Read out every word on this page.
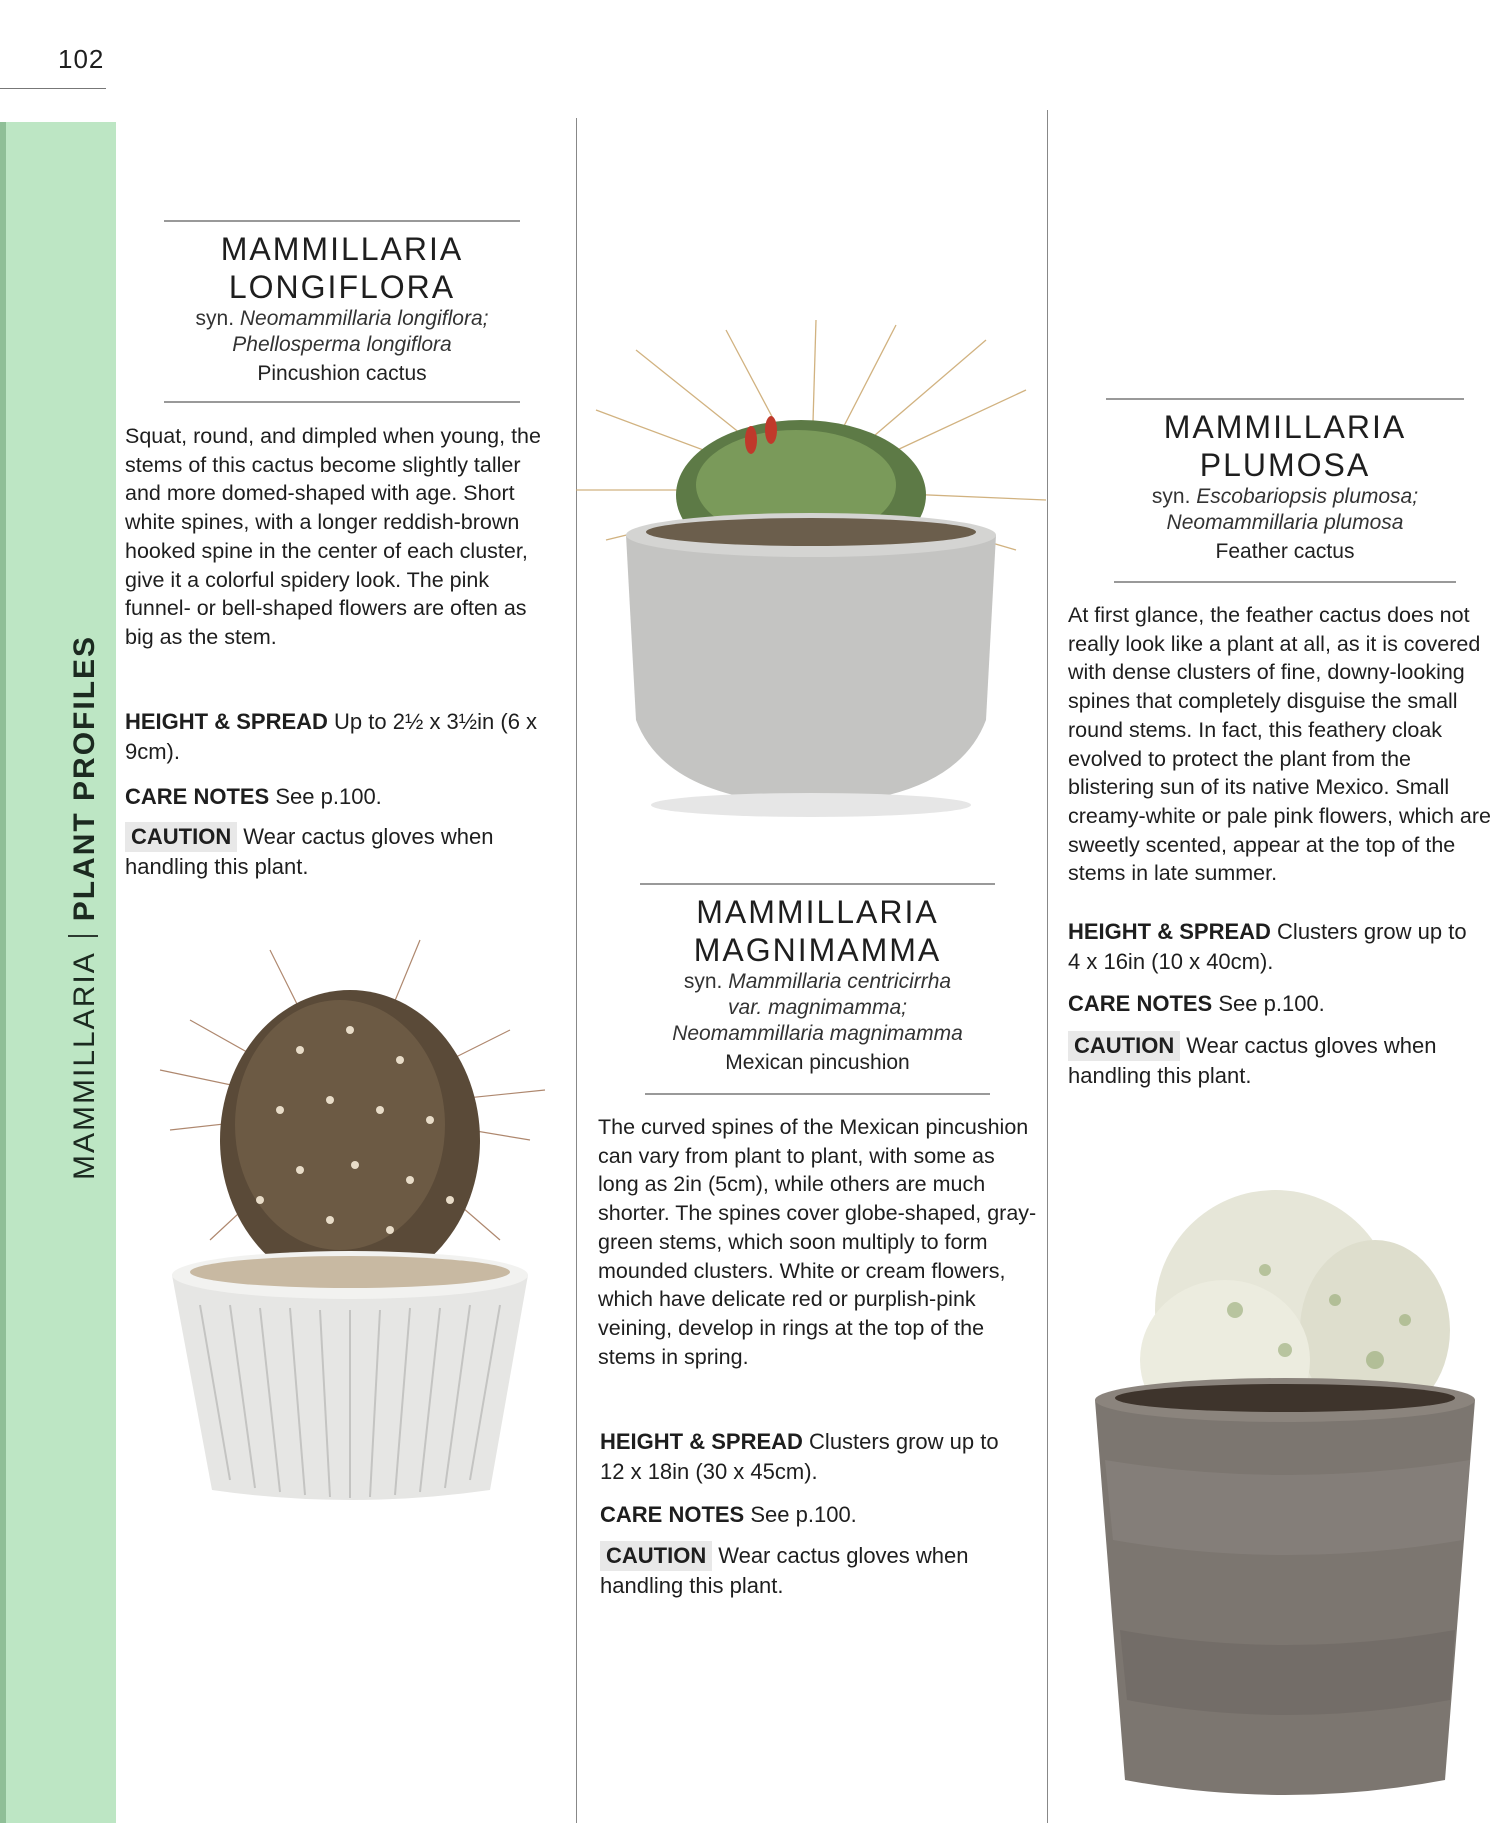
102
MAMMILLARIAPLANT PROFILES
MAMMILLARIA
LONGIFLORA
syn. Neomammillaria longiflora;
Phellosperma longiflora
Pincushion cactus
Squat, round, and dimpled when young, the stems of this cactus become slightly taller and more domed-shaped with age. Short white spines, with a longer reddish-brown hooked spine in the center of each cluster, give it a colorful spidery look. The pink funnel- or bell-shaped flowers are often as big as the stem.
HEIGHT & SPREAD Up to 2½ x 3½in (6 x 9cm).
CARE NOTES See p.100.
CAUTION Wear cactus gloves when handling this plant.
MAMMILLARIA
MAGNIMAMMA
syn. Mammillaria centricirrha
var. magnimamma;
Neomammillaria magnimamma
Mexican pincushion
The curved spines of the Mexican pincushion can vary from plant to plant, with some as long as 2in (5cm), while others are much shorter. The spines cover globe-shaped, gray-green stems, which soon multiply to form mounded clusters. White or cream flowers, which have delicate red or purplish-pink veining, develop in rings at the top of the stems in spring.
HEIGHT & SPREAD Clusters grow up to 12 x 18in (30 x 45cm).
CARE NOTES See p.100.
CAUTION Wear cactus gloves when handling this plant.
MAMMILLARIA
PLUMOSA
syn. Escobariopsis plumosa;
Neomammillaria plumosa
Feather cactus
At first glance, the feather cactus does not really look like a plant at all, as it is covered with dense clusters of fine, downy-looking spines that completely disguise the small round stems. In fact, this feathery cloak evolved to protect the plant from the blistering sun of its native Mexico. Small creamy-white or pale pink flowers, which are sweetly scented, appear at the top of the stems in late summer.
HEIGHT & SPREAD Clusters grow up to 4 x 16in (10 x 40cm).
CARE NOTES See p.100.
CAUTION Wear cactus gloves when handling this plant.
